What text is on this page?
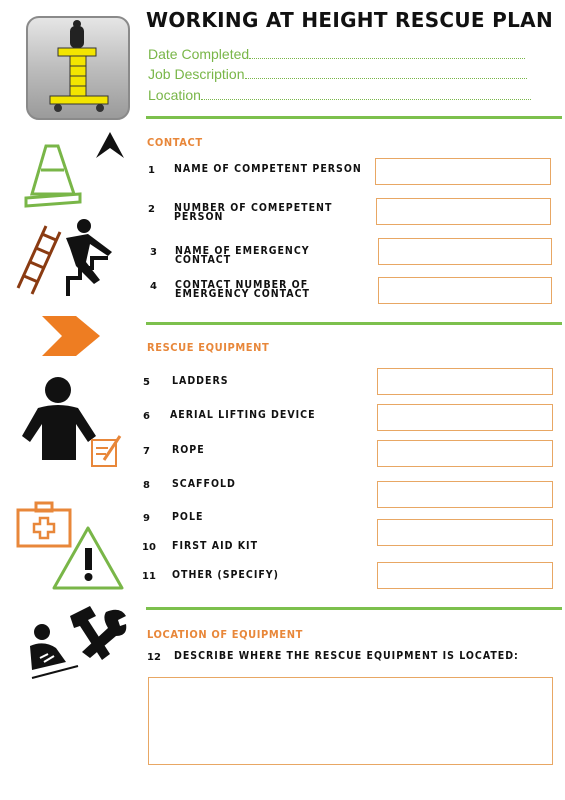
WORKING AT HEIGHT RESCUE PLAN
Date Completed
Job Description
Location
CONTACT
1 NAME OF COMPETENT PERSON
2 NUMBER OF COMEPETENT PERSON
3 NAME OF EMERGENCY CONTACT
4 CONTACT NUMBER OF EMERGENCY CONTACT
RESCUE EQUIPMENT
5 LADDERS
6 AERIAL LIFTING DEVICE
7 ROPE
8 SCAFFOLD
9 POLE
10 FIRST AID KIT
11 OTHER (SPECIFY)
LOCATION OF EQUIPMENT
12 DESCRIBE WHERE THE RESCUE EQUIPMENT IS LOCATED:
